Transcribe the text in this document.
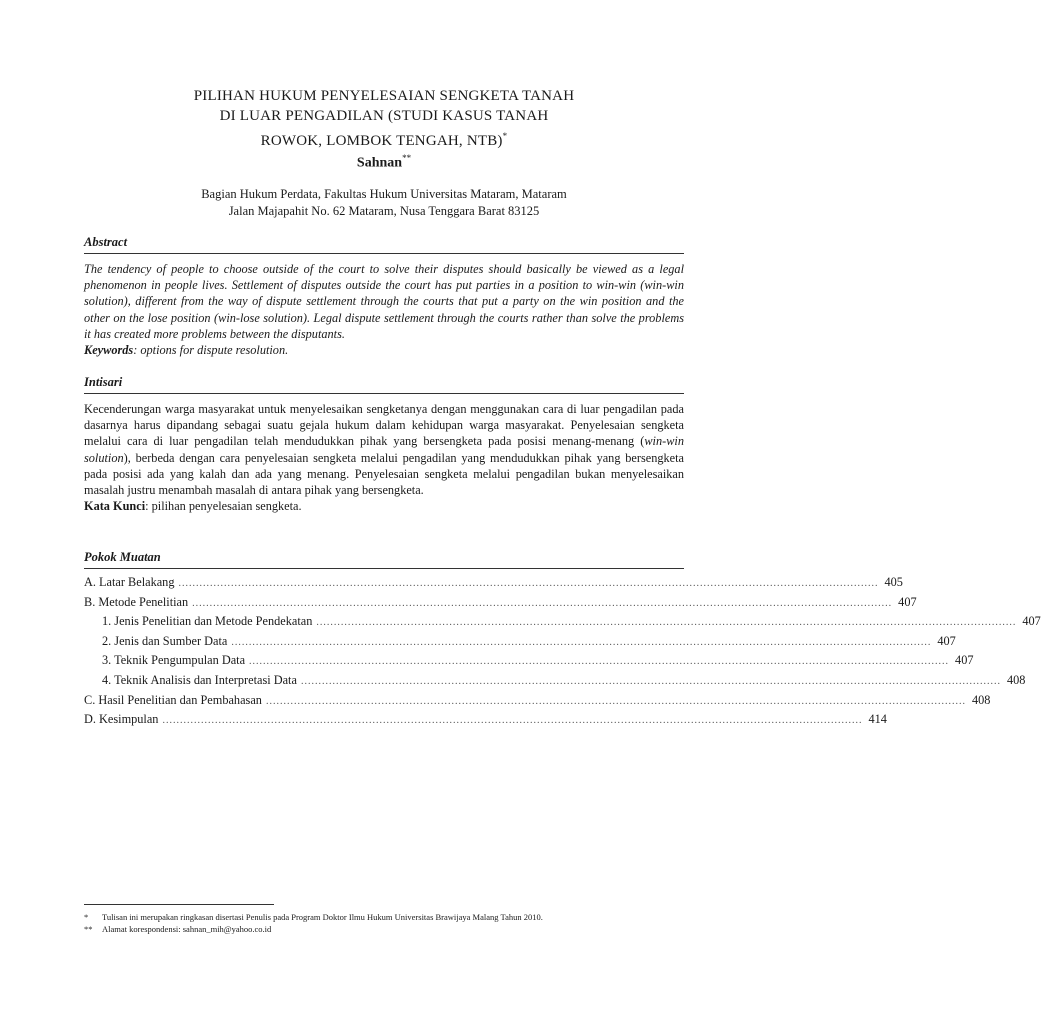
PILIHAN HUKUM PENYELESAIAN SENGKETA TANAH
DI LUAR PENGADILAN (STUDI KASUS TANAH
ROWOK, LOMBOK TENGAH, NTB)*
Sahnan**
Bagian Hukum Perdata, Fakultas Hukum Universitas Mataram, Mataram
Jalan Majapahit No. 62 Mataram, Nusa Tenggara Barat 83125
Abstract
The tendency of people to choose outside of the court to solve their disputes should basically be viewed as a legal phenomenon in people lives. Settlement of disputes outside the court has put parties in a position to win-win (win-win solution), different from the way of dispute settlement through the courts that put a party on the win position and the other on the lose position (win-lose solution). Legal dispute settlement through the courts rather than solve the problems it has created more problems between the disputants.
Keywords: options for dispute resolution.
Intisari
Kecenderungan warga masyarakat untuk menyelesaikan sengketanya dengan menggunakan cara di luar pengadilan pada dasarnya harus dipandang sebagai suatu gejala hukum dalam kehidupan warga masyarakat. Penyelesaian sengketa melalui cara di luar pengadilan telah mendudukkan pihak yang bersengketa pada posisi menang-menang (win-win solution), berbeda dengan cara penyelesaian sengketa melalui pengadilan yang mendudukkan pihak yang bersengketa pada posisi ada yang kalah dan ada yang menang. Penyelesaian sengketa melalui pengadilan bukan menyelesaikan masalah justru menambah masalah di antara pihak yang bersengketa.
Kata Kunci: pilihan penyelesaian sengketa.
Pokok Muatan
A. Latar Belakang ........................................................................................................................................................................................................ 405
B. Metode Penelitian ........................................................................................................................................................................................................ 407
1. Jenis Penelitian dan Metode Pendekatan ........................................................................................................................................................................................................ 407
2. Jenis dan Sumber Data ........................................................................................................................................................................................................ 407
3. Teknik Pengumpulan Data ........................................................................................................................................................................................................ 407
4. Teknik Analisis dan Interpretasi Data ........................................................................................................................................................................................................ 408
C. Hasil Penelitian dan Pembahasan ........................................................................................................................................................................................................ 408
D. Kesimpulan ........................................................................................................................................................................................................ 414
*	Tulisan ini merupakan ringkasan disertasi Penulis pada Program Doktor Ilmu Hukum Universitas Brawijaya Malang Tahun 2010.
**	Alamat korespondensi: sahnan_mih@yahoo.co.id
